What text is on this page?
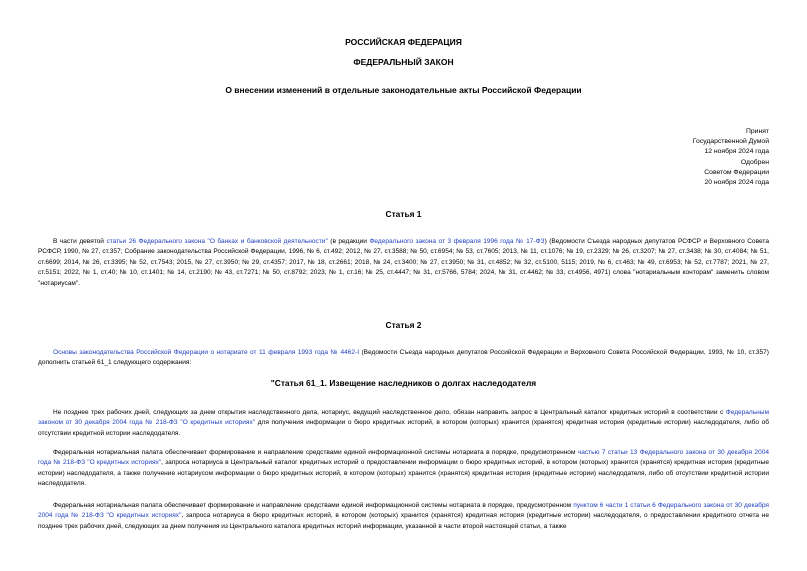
РОССИЙСКАЯ ФЕДЕРАЦИЯ
ФЕДЕРАЛЬНЫЙ ЗАКОН
О внесении изменений в отдельные законодательные акты Российской Федерации
Принят
Государственной Думой
12 ноября 2024 года
Одобрен
Советом Федерации
20 ноября 2024 года
Статья 1
В части девятой статьи 26 Федерального закона "О банках и банковской деятельности" (в редакции Федерального закона от 3 февраля 1996 года № 17-ФЗ) (Ведомости Съезда народных депутатов РСФСР и Верховного Совета РСФСР, 1990, № 27, ст.357; Собрание законодательства Российской Федерации, 1996, № 6, ст.492; 2012, № 27, ст.3588; № 50, ст.6954; № 53, ст.7605; 2013, № 11, ст.1076; № 19, ст.2329; № 26, ст.3207; № 27, ст.3438; № 30, ст.4084; № 51, ст.6699; 2014, № 26, ст.3395; № 52, ст.7543; 2015, № 27, ст.3950; № 29, ст.4357; 2017, № 18, ст.2661; 2018, № 24, ст.3400; № 27, ст.3950; № 31, ст.4852; № 32, ст.5100, 5115; 2019, № 6, ст.463; № 49, ст.6953; № 52, ст.7787; 2021, № 27, ст.5151; 2022, № 1, ст.40; № 10, ст.1401; № 14, ст.2190; № 43, ст.7271; № 50, ст.8792; 2023, № 1, ст.16; № 25, ст.4447; № 31, ст.5766, 5784; 2024, № 31, ст.4462; № 33, ст.4956, 4971) слова "нотариальным конторам" заменить словом "нотариусам".
Статья 2
Основы законодательства Российской Федерации о нотариате от 11 февраля 1993 года № 4462-I (Ведомости Съезда народных депутатов Российской Федерации и Верховного Совета Российской Федерации, 1993, № 10, ст.357) дополнить статьей 61_1 следующего содержания:
"Статья 61_1. Извещение наследников о долгах наследодателя
Не позднее трех рабочих дней, следующих за днем открытия наследственного дела, нотариус, ведущий наследственное дело, обязан направить запрос в Центральный каталог кредитных историй в соответствии с Федеральным законом от 30 декабря 2004 года № 218-ФЗ "О кредитных историях" для получения информации о бюро кредитных историй, в котором (которых) хранится (хранятся) кредитная история (кредитные истории) наследодателя, либо об отсутствии кредитной истории наследодателя.
Федеральная нотариальная палата обеспечивает формирование и направление средствами единой информационной системы нотариата в порядке, предусмотренном частью 7 статьи 13 Федерального закона от 30 декабря 2004 года № 218-ФЗ "О кредитных историях", запроса нотариуса в Центральный каталог кредитных историй о предоставлении информации о бюро кредитных историй, в котором (которых) хранится (хранятся) кредитная история (кредитные истории) наследодателя, а также получение нотариусом информации о бюро кредитных историй, в котором (которых) хранится (хранятся) кредитная история (кредитные истории) наследодателя, либо об отсутствии кредитной истории наследодателя.
Федеральная нотариальная палата обеспечивает формирование и направление средствами единой информационной системы нотариата в порядке, предусмотренном пунктом 6 части 1 статьи 6 Федерального закона от 30 декабря 2004 года № 218-ФЗ "О кредитных историях", запроса нотариуса в бюро кредитных историй, в котором (которых) хранится (хранятся) кредитная история (кредитные истории) наследодателя, о предоставлении кредитного отчета не позднее трех рабочих дней, следующих за днем получения из Центрального каталога кредитных историй информации, указанной в части второй настоящей статьи, а также
